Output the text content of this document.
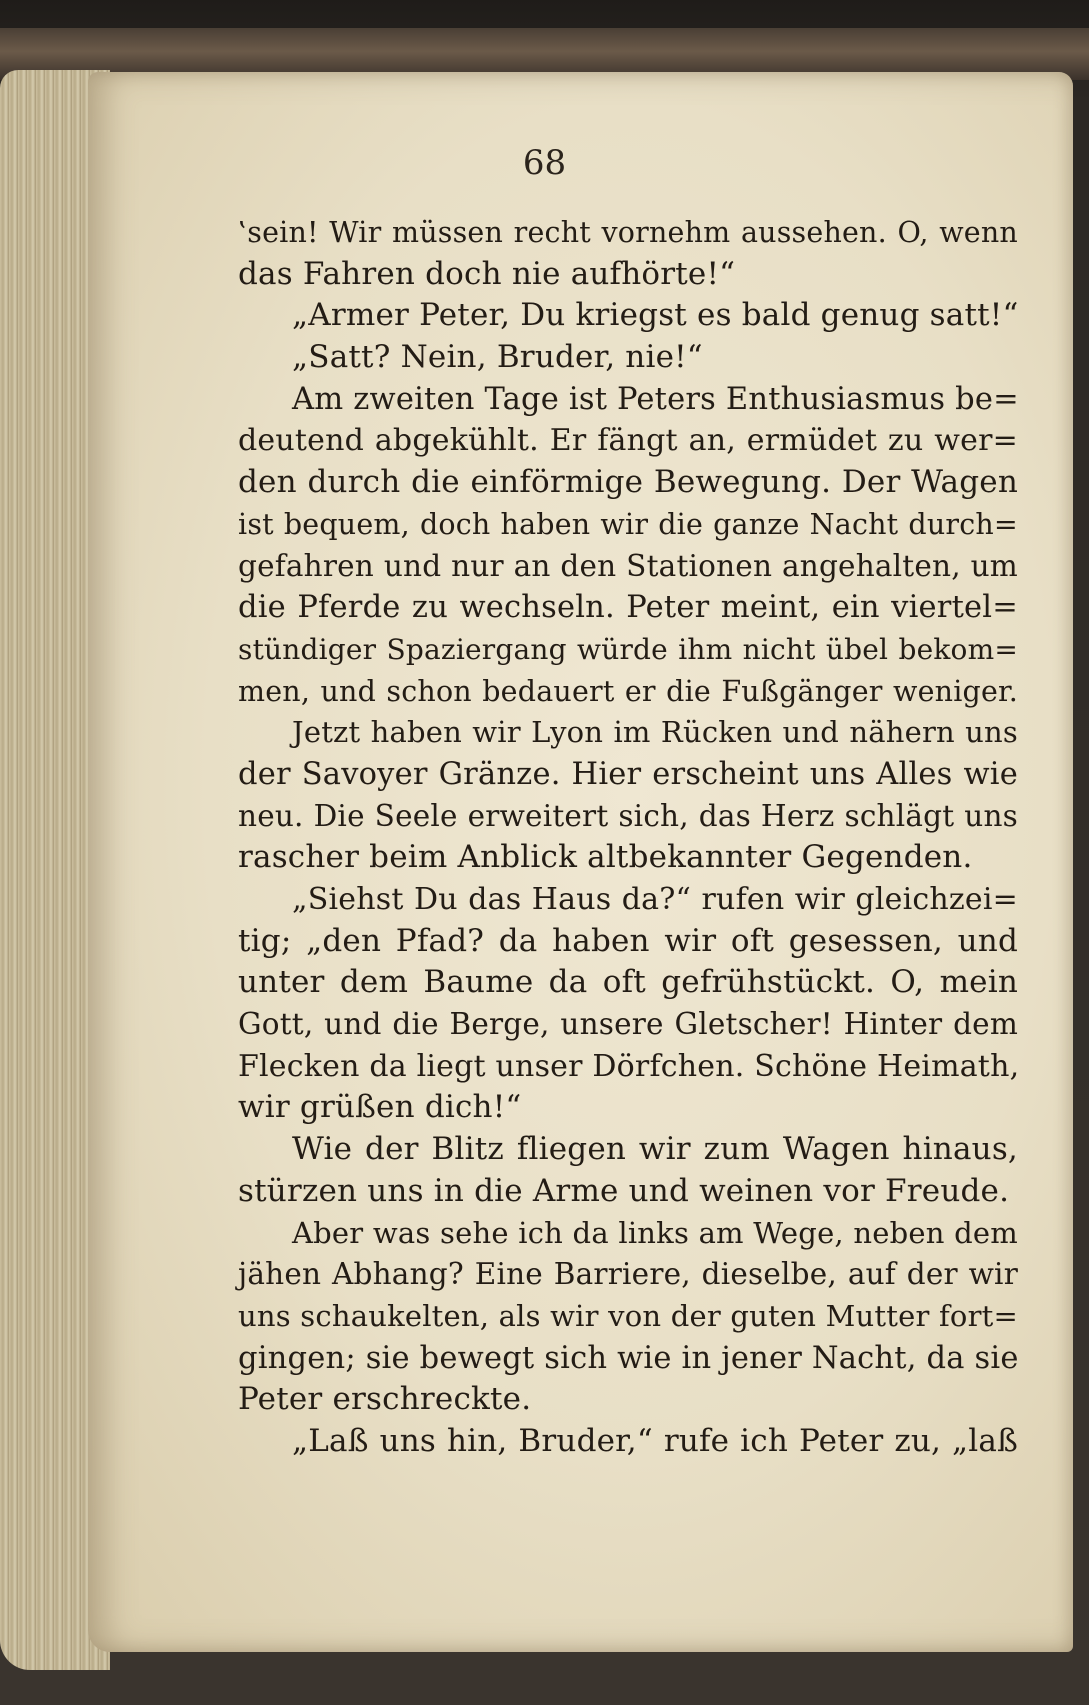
68
‛sein! Wir müssen recht vornehm aussehen. O, wenn
das Fahren doch nie aufhörte!“
„Armer Peter, Du kriegst es bald genug satt!“
„Satt? Nein, Bruder, nie!“
Am zweiten Tage ist Peters Enthusiasmus be=
deutend abgekühlt. Er fängt an, ermüdet zu wer=
den durch die einförmige Bewegung. Der Wagen
ist bequem, doch haben wir die ganze Nacht durch=
gefahren und nur an den Stationen angehalten, um
die Pferde zu wechseln. Peter meint, ein viertel=
stündiger Spaziergang würde ihm nicht übel bekom=
men, und schon bedauert er die Fußgänger weniger.
Jetzt haben wir Lyon im Rücken und nähern uns
der Savoyer Gränze. Hier erscheint uns Alles wie
neu. Die Seele erweitert sich, das Herz schlägt uns
rascher beim Anblick altbekannter Gegenden.
„Siehst Du das Haus da?“ rufen wir gleichzei=
tig; „den Pfad? da haben wir oft gesessen, und
unter dem Baume da oft gefrühstückt. O, mein
Gott, und die Berge, unsere Gletscher! Hinter dem
Flecken da liegt unser Dörfchen. Schöne Heimath,
wir grüßen dich!“
Wie der Blitz fliegen wir zum Wagen hinaus,
stürzen uns in die Arme und weinen vor Freude.
Aber was sehe ich da links am Wege, neben dem
jähen Abhang? Eine Barriere, dieselbe, auf der wir
uns schaukelten, als wir von der guten Mutter fort=
gingen; sie bewegt sich wie in jener Nacht, da sie
Peter erschreckte.
„Laß uns hin, Bruder,“ rufe ich Peter zu, „laß
